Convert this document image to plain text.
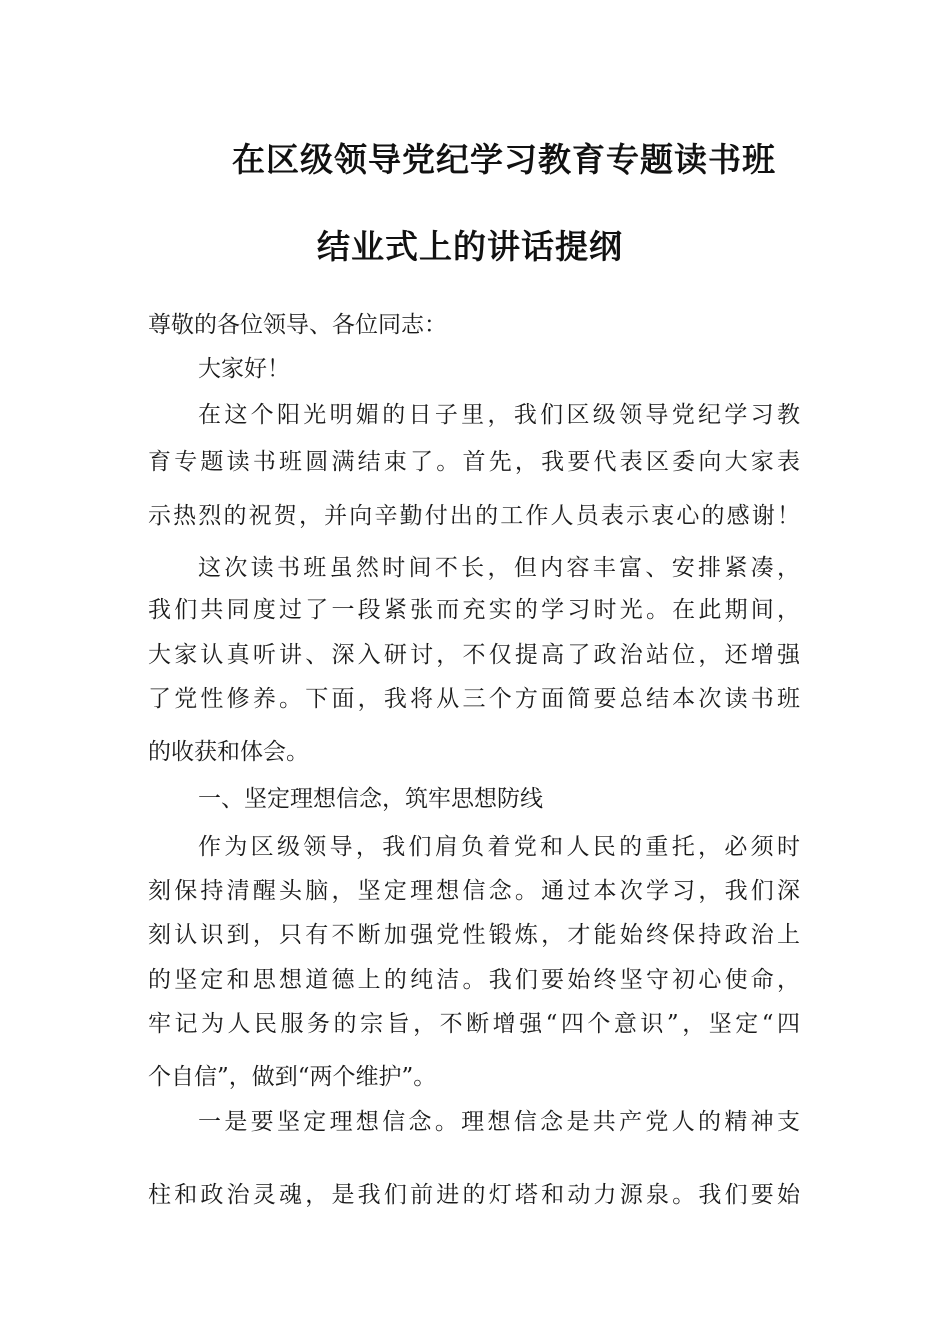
在区级领导党纪学习教育专题读书班
结业式上的讲话提纲

尊敬的各位领导、各位同志：

大家好！

在这个阳光明媚的日子里，我们区级领导党纪学习教

育专题读书班圆满结束了。首先，我要代表区委向大家表

示热烈的祝贺，并向辛勤付出的工作人员表示衷心的感谢！

这次读书班虽然时间不长，但内容丰富、安排紧凑，

我们共同度过了一段紧张而充实的学习时光。在此期间，

大家认真听讲、深入研讨，不仅提高了政治站位，还增强

了党性修养。下面，我将从三个方面简要总结本次读书班

的收获和体会。

一、坚定理想信念，筑牢思想防线

作为区级领导，我们肩负着党和人民的重托，必须时

刻保持清醒头脑，坚定理想信念。通过本次学习，我们深

刻认识到，只有不断加强党性锻炼，才能始终保持政治上

的坚定和思想道德上的纯洁。我们要始终坚守初心使命，

牢记为人民服务的宗旨，不断增强“四个意识”，坚定“四

个自信”，做到“两个维护”。

一是要坚定理想信念。理想信念是共产党人的精神支

柱和政治灵魂，是我们前进的灯塔和动力源泉。我们要始
